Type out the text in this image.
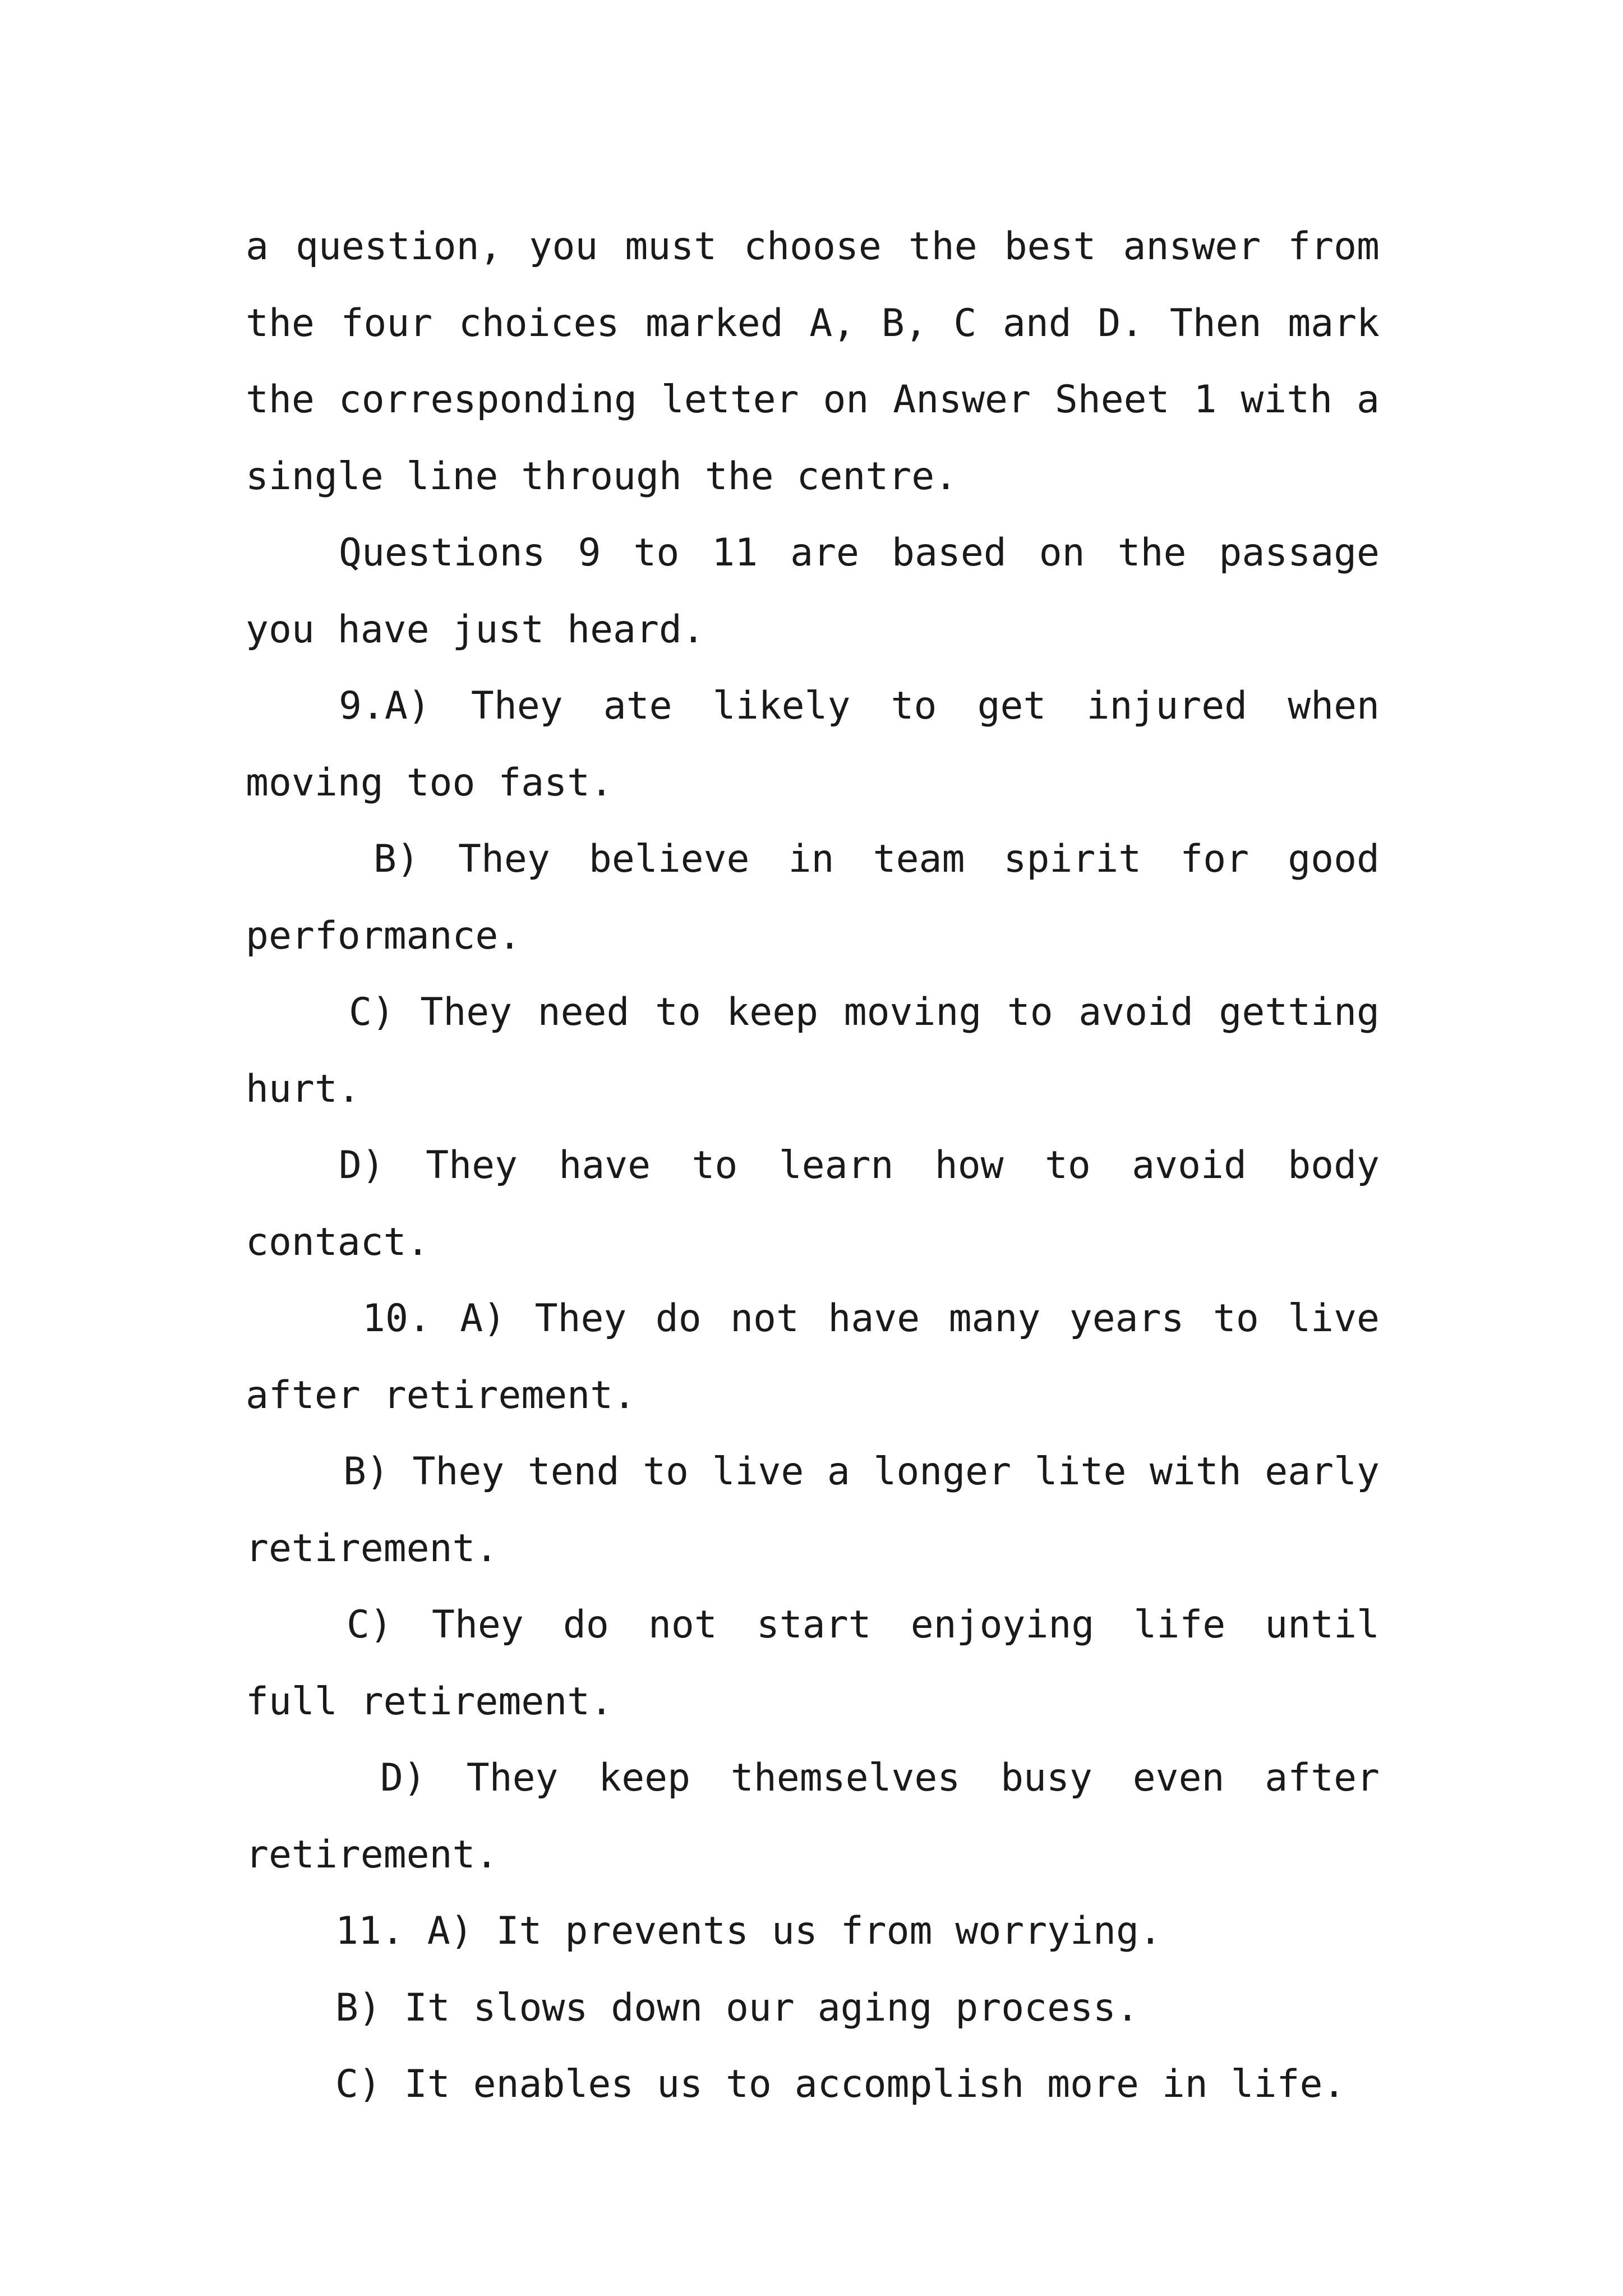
a question, you must choose the best answer from the four choices marked A, B, C and D. Then mark the corresponding letter on Answer Sheet 1 with a single line through the centre.

Questions 9 to 11 are based on the passage you have just heard.

9.A) They ate likely to get injured when moving too fast.

B) They believe in team spirit for good performance.

C) They need to keep moving to avoid getting hurt.

D) They have to learn how to avoid body contact.

10. A) They do not have many years to live after retirement.

B) They tend to live a longer lite with early retirement.

C) They do not start enjoying life until full retirement.

D) They keep themselves busy even after retirement.

11. A) It prevents us from worrying.

B) It slows down our aging process.

C) It enables us to accomplish more in life.
